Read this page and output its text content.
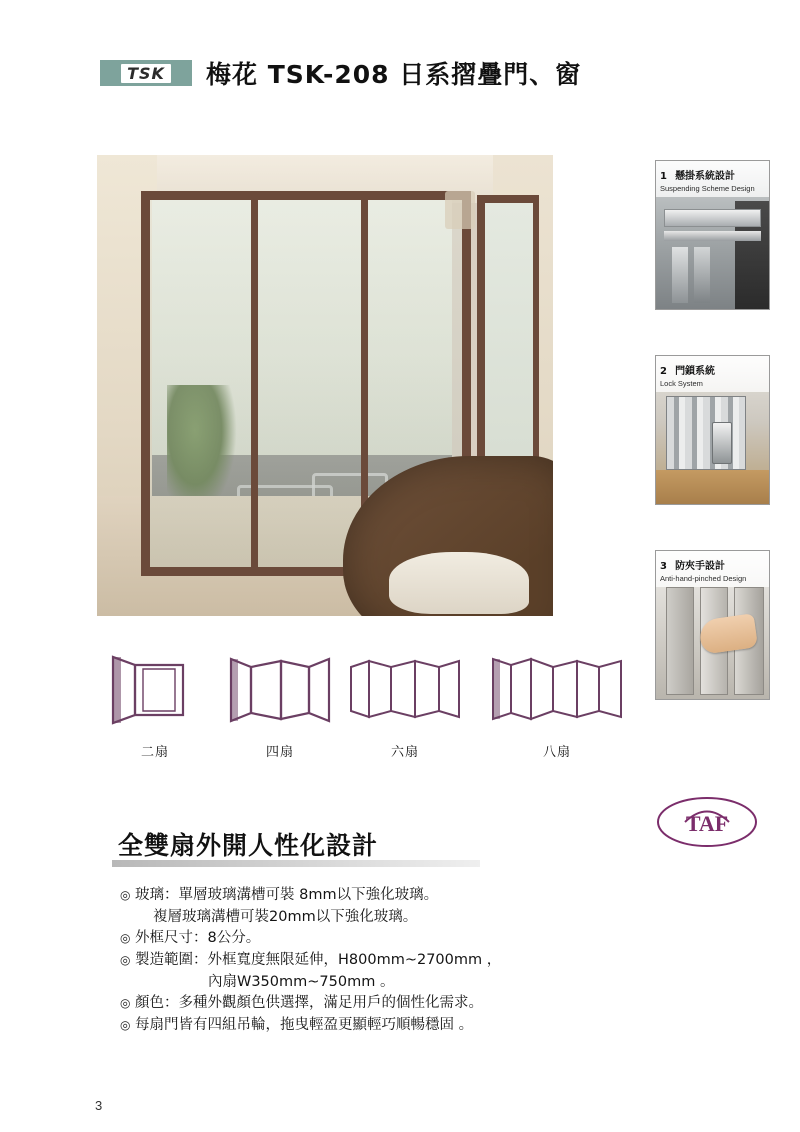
TSK 梅花 TSK-208 日系摺疊門、窗
1 懸掛系統設計
Suspending Scheme Design
2 門鎖系統
Lock System
3 防夾手設計
Anti-hand-pinched Design
二扇	四扇	六扇	八扇
TAF
全雙扇外開人性化設計
◎ 玻璃：單層玻璃溝槽可裝 8mm以下強化玻璃。
複層玻璃溝槽可裝20mm以下強化玻璃。
◎ 外框尺寸：8公分。
◎ 製造範圍：外框寬度無限延伸，H800mm~2700mm ，
內扇W350mm~750mm 。
◎ 顏色：多種外觀顏色供選擇，滿足用戶的個性化需求。
◎ 每扇門皆有四組吊輪，拖曳輕盈更顯輕巧順暢穩固 。
3
